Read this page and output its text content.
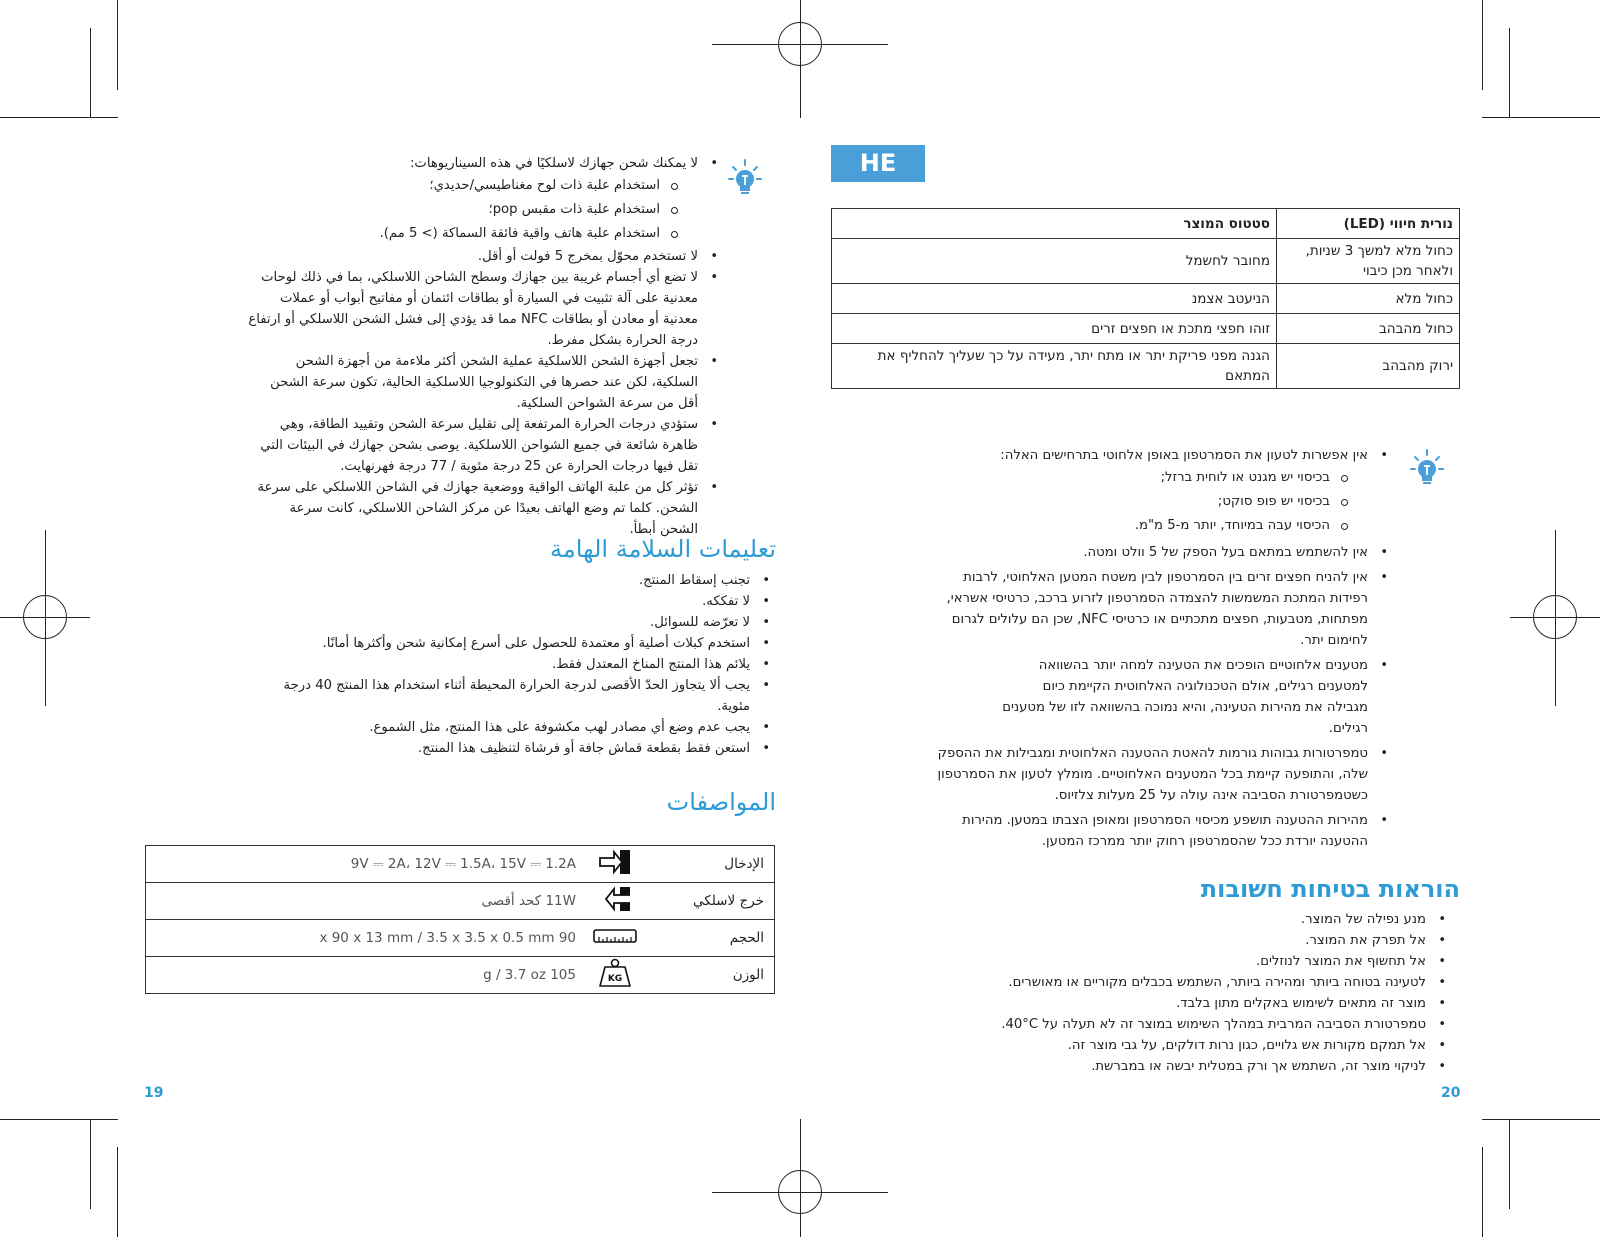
19	20
HE
נורית חיווי (LED)	סטטוס המוצר
כחול מלא למשך 3 שניות, ולאחר מכן כיבוי	מחובר לחשמל
כחול מלא	הניעטב אצמנ
כחול מהבהב	זוהו חפצי מתכת או חפצים זרים
ירוק מהבהב	הגנה מפני פריקת יתר או מתח יתר, מעידה על כך שעליך להחליף את המתאם
• אין אפשרות לטעון את הסמרטפון באופן אלחוטי בתרחישים האלה:
בכיסוי יש מגנט או לוחית ברזל;
בכיסוי יש פופ סוקט;
הכיסוי עבה במיוחד, יותר מ-5 מ"מ.
• אין להשתמש במתאם בעל הספק של 5 וולט ומטה.
• אין להניח חפצים זרים בין הסמרטפון לבין משטח המטען האלחוטי, לרבות רפידות המתכת המשמשות להצמדה הסמרטפון לזרוע ברכב, כרטיסי אשראי, מפתחות, מטבעות, חפצים מתכתיים או כרטיסי NFC, שכן הם עלולים לגרום לחימום יתר.
• מטענים אלחוטיים הופכים את הטעינה למחה יותר בהשוואה למטענים רגילים, אולם הטכנולוגיה האלחוטית הקיימת כיום מגבילה את מהירות הטעינה, והיא נמוכה בהשוואה לזו של מטענים רגילים.
• טמפרטורות גבוהות גורמות להאטת ההטענה האלחוטית ומגבילות את ההספק שלה, והתופעה קיימת בכל המטענים האלחוטיים. מומלץ לטעון את הסמרטפון כשטמפרטורת הסביבה אינה עולה על 25 מעלות צלזיוס.
• מהירות ההטענה תושפע מכיסוי הסמרטפון ומאופן הצבתו במטען. מהירות ההטענה יורדת ככל שהסמרטפון רחוק יותר ממרכז המטען.
הוראות בטיחות חשובות
• מנע נפילה של המוצר.
• אל תפרק את המוצר.
• אל תחשוף את המוצר לנוזלים.
• לטעינה בטוחה ביותר ומהירה ביותר, השתמש בכבלים מקוריים או מאושרים.
• מוצר זה מתאים לשימוש באקלים מתון בלבד.
• טמפרטורת הסביבה המרבית במהלך השימוש במוצר זה לא תעלה על 40°C.
• אל תמקם מקורות אש גלויים, כגון נרות דולקים, על גבי מוצר זה.
• לניקוי מוצר זה, השתמש אך ורק במטלית יבשה או במברשת.
• لا يمكنك شحن جهازك لاسلكيًا في هذه السيناريوهات:
استخدام علبة ذات لوح مغناطيسي/حديدي؛
استخدام علبة ذات مقبس pop؛
استخدام علبة هاتف واقية فائقة السماكة (> 5 مم).
• لا تستخدم محوّل بمخرج 5 فولت أو أقل.
• لا تضع أي أجسام غريبة بين جهازك وسطح الشاحن اللاسلكي، بما في ذلك لوحات معدنية على آلة تثبيت في السيارة أو بطاقات ائتمان أو مفاتيح أبواب أو عملات معدنية أو معادن أو بطاقات NFC مما قد يؤدي إلى فشل الشحن اللاسلكي أو ارتفاع درجة الحرارة بشكل مفرط.
• تجعل أجهزة الشحن اللاسلكية عملية الشحن أكثر ملاءمة من أجهزة الشحن السلكية، لكن عند حصرها في التكنولوجيا اللاسلكية الحالية، تكون سرعة الشحن أقل من سرعة الشواحن السلكية.
• ستؤدي درجات الحرارة المرتفعة إلى تقليل سرعة الشحن وتقييد الطاقة، وهي ظاهرة شائعة في جميع الشواحن اللاسلكية. يوصى بشحن جهازك في البيئات التي تقل فيها درجات الحرارة عن 25 درجة مئوية / 77 درجة فهرنهايت.
• تؤثر كل من علبة الهاتف الواقية ووضعية جهازك في الشاحن اللاسلكي على سرعة الشحن. كلما تم وضع الهاتف بعيدًا عن مركز الشاحن اللاسلكي، كانت سرعة الشحن أبطأ.
تعليمات السلامة الهامة
• تجنب إسقاط المنتج.
• لا تفككه.
• لا تعرّضه للسوائل.
• استخدم كبلات أصلية أو معتمدة للحصول على أسرع إمكانية شحن وأكثرها أمانًا.
• يلائم هذا المنتج المناخ المعتدل فقط.
• يجب ألا يتجاوز الحدّ الأقصى لدرجة الحرارة المحيطة أثناء استخدام هذا المنتج 40 درجة مئوية.
• يجب عدم وضع أي مصادر لهب مكشوفة على هذا المنتج، مثل الشموع.
• استعن فقط بقطعة قماش جافة أو فرشاة لتنظيف هذا المنتج.
المواصفات
الإدخال		9V ⎓ 2A، 12V ⎓ 1.5A، 15V ⎓ 1.2A
خرج لاسلكي		11W كحد أقصى
الحجم		90 x 90 x 13 mm / 3.5 x 3.5 x 0.5 mm
الوزن	KG	105 g / 3.7 oz
